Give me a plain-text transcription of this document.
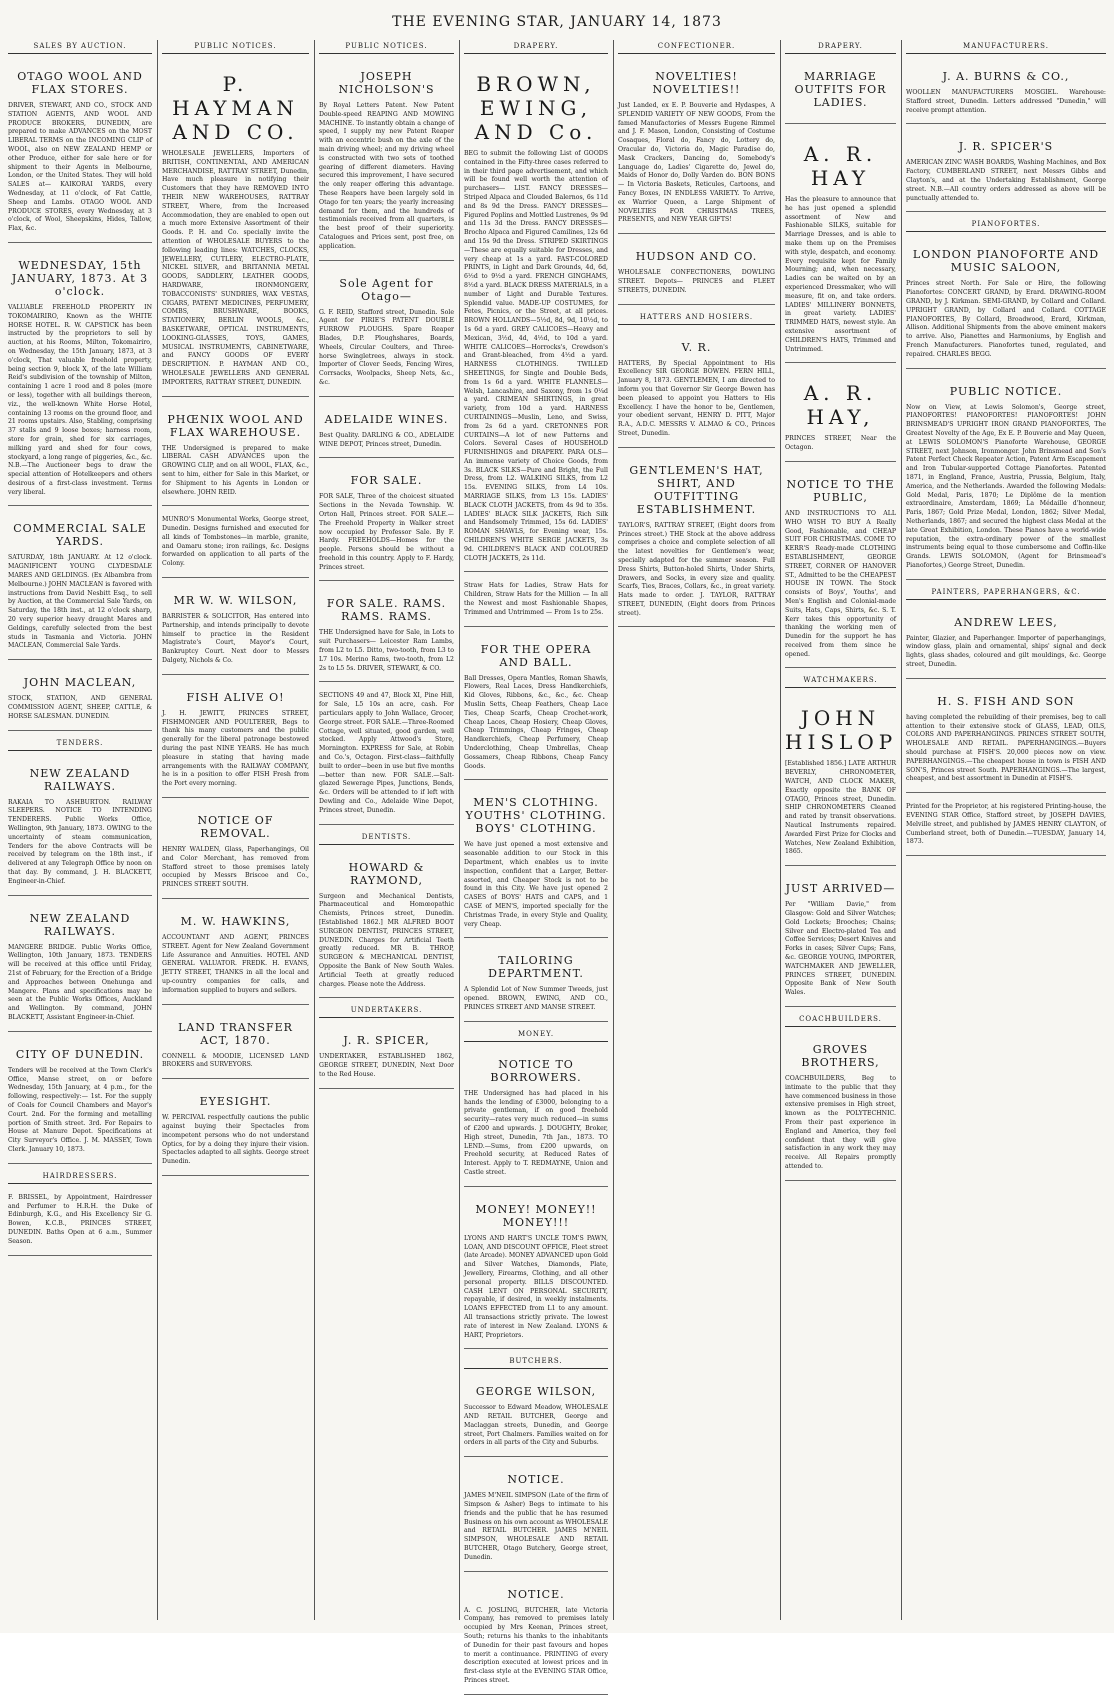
THE EVENING STAR, JANUARY 14, 1873
SALES BY AUCTION.
OTAGO WOOL AND FLAX STORES.
DRIVER, STEWART, AND CO., STOCK AND STATION AGENTS, AND WOOL AND PRODUCE BROKERS, DUNEDIN, are prepared to make ADVANCES on the MOST LIBERAL TERMS on the INCOMING CLIP of WOOL, also on NEW ZEALAND HEMP or other Produce, either for sale here or for shipment to their Agents in Melbourne, London, or the United States. They will hold SALES at— KAIKORAI YARDS, every Wednesday, at 11 o'clock, of Fat Cattle, Sheep and Lambs. OTAGO WOOL AND PRODUCE STORES, every Wednesday, at 3 o'clock, of Wool, Sheepskins, Hides, Tallow, Flax, &c.
WEDNESDAY, 15th JANUARY, 1873. At 3 o'clock.
VALUABLE FREEHOLD PROPERTY IN TOKOMAIRIRO, Known as the WHITE HORSE HOTEL. R. W. CAPSTICK has been instructed by the proprietors to sell by auction, at his Rooms, Milton, Tokomairiro, on Wednesday, the 15th January, 1873, at 3 o'clock, That valuable freehold property, being section 9, block X, of the late William Reid's subdivision of the township of Milton, containing 1 acre 1 rood and 8 poles (more or less), together with all buildings thereon, viz., the well-known White Horse Hotel, containing 13 rooms on the ground floor, and 21 rooms upstairs. Also, Stabling, comprising 37 stalls and 9 loose boxes; harness room, store for grain, shed for six carriages, milking yard and shed for four cows, stockyard, a long range of piggeries, &c., &c. N.B.—The Auctioneer begs to draw the special attention of Hotelkeepers and others desirous of a first-class investment. Terms very liberal.
COMMERCIAL SALE YARDS.
SATURDAY, 18th JANUARY. At 12 o'clock. MAGNIFICENT YOUNG CLYDESDALE MARES AND GELDINGS. (Ex Albambra from Melbourne.) JOHN MACLEAN is favored with instructions from David Nesbitt Esq., to sell by Auction, at the Commercial Sale Yards, on Saturday, the 18th inst., at 12 o'clock sharp, 20 very superior heavy draught Mares and Geldings, carefully selected from the best studs in Tasmania and Victoria. JOHN MACLEAN, Commercial Sale Yards.
JOHN MACLEAN,
STOCK, STATION, AND GENERAL COMMISSION AGENT, SHEEP, CATTLE, & HORSE SALESMAN. DUNEDIN.
TENDERS.
NEW ZEALAND RAILWAYS.
RAKAIA TO ASHBURTON. RAILWAY SLEEPERS. NOTICE TO INTENDING TENDERERS. Public Works Office, Wellington, 9th January, 1873. OWING to the uncertainty of steam communication, Tenders for the above Contracts will be received by telegram on the 18th inst., if delivered at any Telegraph Office by noon on that day. By command, J. H. BLACKETT, Engineer-in-Chief.
NEW ZEALAND RAILWAYS.
MANGERE BRIDGE. Public Works Office, Wellington, 10th January, 1873. TENDERS will be received at this office until Friday, 21st of February, for the Erection of a Bridge and Approaches between Onehunga and Mangere. Plans and specifications may be seen at the Public Works Offices, Auckland and Wellington. By command, JOHN BLACKETT, Assistant Engineer-in-Chief.
CITY OF DUNEDIN.
Tenders will be received at the Town Clerk's Office, Manse street, on or before Wednesday, 15th January, at 4 p.m., for the following, respectively:— 1st. For the supply of Coals for Council Chambers and Mayor's Court. 2nd. For the forming and metalling portion of Smith street. 3rd. For Repairs to House at Manure Depot. Specifications at City Surveyor's Office. J. M. MASSEY, Town Clerk. January 10, 1873.
HAIRDRESSERS.
F. BRISSEL, by Appointment, Hairdresser and Perfumer to H.R.H. the Duke of Edinburgh, K.G., and His Excellency Sir G. Bowen, K.C.B., PRINCES STREET, DUNEDIN. Baths Open at 6 a.m., Summer Season.
PUBLIC NOTICES.
P. HAYMAN AND CO.
WHOLESALE JEWELLERS, Importers of BRITISH, CONTINENTAL, AND AMERICAN MERCHANDISE, RATTRAY STREET, Dunedin, Have much pleasure in notifying their Customers that they have REMOVED INTO THEIR NEW WAREHOUSES, RATTRAY STREET, Where, from the Increased Accommodation, they are enabled to open out a much more Extensive Assortment of their Goods. P. H. and Co. specially invite the attention of WHOLESALE BUYERS to the following leading lines: WATCHES, CLOCKS, JEWELLERY, CUTLERY, ELECTRO-PLATE, NICKEL SILVER, and BRITANNIA METAL GOODS, SADDLERY, LEATHER GOODS, HARDWARE, IRONMONGERY, TOBACCONISTS' SUNDRIES, WAX VESTAS, CIGARS, PATENT MEDICINES, PERFUMERY, COMBS, BRUSHWARE, BOOKS, STATIONERY, BERLIN WOOLS, &c., BASKETWARE, OPTICAL INSTRUMENTS, LOOKING-GLASSES, TOYS, GAMES, MUSICAL INSTRUMENTS, CABINETWARE, and FANCY GOODS OF EVERY DESCRIPTION. P. HAYMAN AND CO., WHOLESALE JEWELLERS AND GENERAL IMPORTERS, RATTRAY STREET, DUNEDIN.
PHŒNIX WOOL AND FLAX WAREHOUSE.
THE Undersigned is prepared to make LIBERAL CASH ADVANCES upon the GROWING CLIP, and on all WOOL, FLAX, &c., sent to him, either for Sale in this Market, or for Shipment to his Agents in London or elsewhere. JOHN REID.
MUNRO'S Monumental Works, George street, Dunedin. Designs furnished and executed for all kinds of Tombstones—in marble, granite, and Oamaru stone; iron railings, &c. Designs forwarded on application to all parts of the Colony.
MR W. W. WILSON,
BARRISTER & SOLICITOR, Has entered into Partnership, and intends principally to devote himself to practice in the Resident Magistrate's Court, Mayor's Court, Bankruptcy Court. Next door to Messrs Dalgety, Nichols & Co.
FISH ALIVE O!
J. H. JEWITT, PRINCES STREET, FISHMONGER AND POULTERER, Begs to thank his many customers and the public generally for the liberal patronage bestowed during the past NINE YEARS. He has much pleasure in stating that having made arrangements with the RAILWAY COMPANY, he is in a position to offer FISH Fresh from the Port every morning.
NOTICE OF REMOVAL.
HENRY WALDEN, Glass, Paperhangings, Oil and Color Merchant, has removed from Stafford street to those premises lately occupied by Messrs Briscoe and Co., PRINCES STREET SOUTH.
M. W. HAWKINS,
ACCOUNTANT AND AGENT, PRINCES STREET. Agent for New Zealand Government Life Assurance and Annuities. HOTEL AND GENERAL VALUATOR. FREDK. H. EVANS, JETTY STREET, THANKS in all the local and up-country companies for calls, and information supplied to buyers and sellers.
LAND TRANSFER ACT, 1870.
CONNELL & MOODIE, LICENSED LAND BROKERS and SURVEYORS.
EYESIGHT.
W. PERCIVAL respectfully cautions the public against buying their Spectacles from incompetent persons who do not understand Optics, for by a doing they injure their vision. Spectacles adapted to all sights. George street Dunedin.
PUBLIC NOTICES.
JOSEPH NICHOLSON'S
By Royal Letters Patent. New Patent Double-speed REAPING AND MOWING MACHINE. To instantly obtain a change of speed, I supply my new Patent Reaper with an eccentric bush on the axle of the main driving wheel; and my driving wheel is constructed with two sets of toothed gearing of different diameters. Having secured this improvement, I have secured the only reaper offering this advantage. These Reapers have been largely sold in Otago for ten years; the yearly increasing demand for them, and the hundreds of testimonials received from all quarters, is the best proof of their superiority. Catalogues and Prices sent, post free, on application.
Sole Agent for Otago—
G. F. REID, Stafford street, Dunedin. Sole Agent for PIRIE'S PATENT DOUBLE FURROW PLOUGHS. Spare Reaper Blades, D.P. Ploughshares, Boards, Wheels, Circular Coulters, and Three-horse Swingletrees, always in stock. Importer of Clover Seeds, Fencing Wires, Corrsacks, Woolpacks, Sheep Nets, &c., &c.
ADELAIDE WINES.
Best Quality. DARLING & CO., ADELAIDE WINE DEPOT, Princes street, Dunedin.
FOR SALE.
FOR SALE, Three of the choicest situated Sections in the Nevada Township. W. Orton Hall, Princes street. FOR SALE.—The Freehold Property in Walker street now occupied by Professor Sale. By F. Hardy. FREEHOLDS—Homes for the people. Persons should be without a freehold in this country. Apply to F. Hardy, Princes street.
FOR SALE. RAMS. RAMS. RAMS.
THE Undersigned have for Sale, in Lots to suit Purchasers— Leicester Ram Lambs, from L2 to L5. Ditto, two-tooth, from L3 to L7 10s. Merino Rams, two-tooth, from L2 2s to L5 5s. DRIVER, STEWART, & CO.
SECTIONS 49 and 47, Block XI, Pine Hill, for Sale, L5 10s an acre, cash. For particulars apply to John Wallace, Grocer, George street. FOR SALE.—Three-Roomed Cottage, well situated, good garden, well stocked. Apply Attwood's Store, Mornington. EXPRESS for Sale, at Robin and Co.'s, Octagon. First-class—faithfully built to order—been in use but five months—better than new. FOR SALE.—Salt-glazed Sewerage Pipes, Junctions, Bends, &c. Orders will be attended to if left with Dewling and Co., Adelaide Wine Depot, Princes street, Dunedin.
DENTISTS.
HOWARD & RAYMOND,
Surgeon and Mechanical Dentists, Pharmaceutical and Homœopathic Chemists, Princes street, Dunedin. [Established 1862.] MR ALFRED BOOT SURGEON DENTIST, PRINCES STREET, DUNEDIN. Charges for Artificial Teeth greatly reduced. MR B. THROP, SURGEON & MECHANICAL DENTIST, Opposite the Bank of New South Wales. Artificial Teeth at greatly reduced charges. Please note the Address.
UNDERTAKERS.
J. R. SPICER,
UNDERTAKER, ESTABLISHED 1862, GEORGE STREET, DUNEDIN, Next Door to the Red House.
DRAPERY.
BROWN, EWING, AND Co.
BEG to submit the following List of GOODS contained in the Fifty-three cases referred to in their third page advertisement, and which will be found well worth the attention of purchasers— LIST. FANCY DRESSES—Striped Alpaca and Clouded Balernos, 6s 11d and 8s 9d the Dress. FANCY DRESSES—Figured Poplins and Mottled Lustrenes, 9s 9d and 11s 3d the Dress. FANCY DRESSES—Brocho Alpaca and Figured Camilines, 12s 6d and 15s 9d the Dress. STRIPED SKIRTINGS—These are equally suitable for Dresses, and very cheap at 1s a yard. FAST-COLORED PRINTS, in Light and Dark Grounds, 4d, 6d, 6½d to 9½d a yard. FRENCH GINGHAMS, 8½d a yard. BLACK DRESS MATERIALS, in a number of Light and Durable Textures. Splendid value. MADE-UP COSTUMES, for Fetes, Picnics, or the Street, at all prices. BROWN HOLLANDS—5½d, 8d, 9d, 10½d, to 1s 6d a yard. GREY CALICOES—Heavy and Mexican, 3½d, 4d, 4½d, to 10d a yard. WHITE CALICOES—Horrocks's, Crewdson's and Grant-bleached, from 4½d a yard. HARNESS CLOTHINGS. TWILLED SHEETINGS, for Single and Double Beds, from 1s 6d a yard. WHITE FLANNELS—Welsh, Lancashire, and Saxony, from 1s 0¼d a yard. CRIMEAN SHIRTINGS, in great variety, from 10d a yard. HARNESS CURTAININGS—Muslin, Leno, and Swiss, from 2s 6d a yard. CRETONNES FOR CURTAINS—A lot of new Patterns and Colors. Several Cases of HOUSEHOLD FURNISHINGS and DRAPERY. PARA OLS—An immense variety of Choice Goods, from 3s. BLACK SILKS—Pure and Bright, the Full Dress, from L2. WALKING SILKS, from L2 15s. EVENING SILKS, from L4 10s. MARRIAGE SILKS, from L3 15s. LADIES' BLACK CLOTH JACKETS, from 4s 9d to 35s. LADIES' BLACK SILK JACKETS, Rich Silk and Handsomely Trimmed, 15s 6d. LADIES' ROMAN SHAWLS, for Evening wear, 15s. CHILDREN'S WHITE SERGE JACKETS, 3s 9d. CHILDREN'S BLACK AND COLOURED CLOTH JACKETS, 2s 11d.
Straw Hats for Ladies, Straw Hats for Children, Straw Hats for the Million — In all the Newest and most Fashionable Shapes, Trimmed and Untrimmed — From 1s to 25s.
FOR THE OPERA AND BALL.
Ball Dresses, Opera Mantles, Roman Shawls, Flowers, Real Laces, Dress Handkerchiefs, Kid Gloves, Ribbons, &c., &c., &c. Cheap Muslin Setts, Cheap Feathers, Cheap Lace Ties, Cheap Scarfs, Cheap Crochet-work, Cheap Laces, Cheap Hosiery, Cheap Gloves, Cheap Trimmings, Cheap Fringes, Cheap Handkerchiefs, Cheap Perfumery, Cheap Underclothing, Cheap Umbrellas, Cheap Gossamers, Cheap Ribbons, Cheap Fancy Goods.
MEN'S CLOTHING. YOUTHS' CLOTHING. BOYS' CLOTHING.
We have just opened a most extensive and seasonable addition to our Stock in this Department, which enables us to invite inspection, confident that a Larger, Better-assorted, and Cheaper Stock is not to be found in this City. We have just opened 2 CASES of BOYS' HATS and CAPS, and 1 CASE of MEN'S, imported specially for the Christmas Trade, in every Style and Quality, very Cheap.
TAILORING DEPARTMENT.
A Splendid Lot of New Summer Tweeds, just opened. BROWN, EWING, AND CO., PRINCES STREET AND MANSE STREET.
MONEY.
NOTICE TO BORROWERS.
THE Undersigned has had placed in his hands the lending of £3000, belonging to a private gentleman, if on good freehold security—rates very much reduced—in sums of £200 and upwards. J. DOUGHTY, Broker, High street, Dunedin, 7th Jan., 1873. TO LEND.—Sums, from £200 upwards, on Freehold security, at Reduced Rates of Interest. Apply to T. REDMAYNE, Union and Castle street.
MONEY! MONEY!! MONEY!!!
LYONS AND HART'S UNCLE TOM'S PAWN, LOAN, AND DISCOUNT OFFICE, Fleet street (late Arcade). MONEY ADVANCED upon Gold and Silver Watches, Diamonds, Plate, Jewellery, Firearms, Clothing, and all other personal property. BILLS DISCOUNTED. CASH LENT ON PERSONAL SECURITY, repayable, if desired, in weekly instalments. LOANS EFFECTED from L1 to any amount. All transactions strictly private. The lowest rate of interest in New Zealand. LYONS & HART, Proprietors.
BUTCHERS.
GEORGE WILSON,
Successor to Edward Meadow, WHOLESALE AND RETAIL BUTCHER, George and Maclaggan streets, Dunedin, and George street, Port Chalmers. Families waited on for orders in all parts of the City and Suburbs.
NOTICE.
JAMES M'NEIL SIMPSON (Late of the firm of Simpson & Asher) Begs to intimate to his friends and the public that he has resumed Business on his own account as WHOLESALE and RETAIL BUTCHER. JAMES M'NEIL SIMPSON, WHOLESALE AND RETAIL BUTCHER, Otago Butchery, George street, Dunedin.
NOTICE.
A. C. JOSLING, BUTCHER, late Victoria Company, has removed to premises lately occupied by Mrs Keenan, Princes street, South; returns his thanks to the inhabitants of Dunedin for their past favours and hopes to merit a continuance. PRINTING of every description executed at lowest prices and in first-class style at the EVENING STAR Office, Princes street.
CONFECTIONER.
NOVELTIES! NOVELTIES!!
Just Landed, ex E. P. Bouverie and Hydaspes, A SPLENDID VARIETY OF NEW GOODS, From the famed Manufactories of Messrs Eugene Rimmel and J. F. Mason, London, Consisting of Costume Cosaques, Floral do, Fancy do, Lottery do, Oracular do, Victoria do, Magic Paradise do, Mask Crackers, Dancing do, Somebody's Language do, Ladies' Cigarette do, Jewel do, Maids of Honor do, Dolly Varden do. BON BONS— In Victoria Baskets, Reticules, Cartoons, and Fancy Boxes, IN ENDLESS VARIETY. To Arrive, ex Warrior Queen, a Large Shipment of NOVELTIES FOR CHRISTMAS TREES, PRESENTS, and NEW YEAR GIFTS!
HUDSON AND CO.
WHOLESALE CONFECTIONERS, DOWLING STREET. Depots— PRINCES and FLEET STREETS, DUNEDIN.
HATTERS AND HOSIERS.
V. R.
HATTERS, By Special Appointment to His Excellency SIR GEORGE BOWEN. FERN HILL, January 8, 1873. GENTLEMEN, I am directed to inform you that Governor Sir George Bowen has been pleased to appoint you Hatters to His Excellency. I have the honor to be, Gentlemen, your obedient servant, HENRY D. PITT, Major R.A., A.D.C. MESSRS V. ALMAO & CO., Princes Street, Dunedin.
GENTLEMEN'S HAT, SHIRT, AND OUTFITTING ESTABLISHMENT.
TAYLOR'S, RATTRAY STREET, (Eight doors from Princes street.) THE Stock at the above address comprises a choice and complete selection of all the latest novelties for Gentlemen's wear, specially adapted for the summer season. Full Dress Shirts, Button-holed Shirts, Under Shirts, Drawers, and Socks, in every size and quality. Scarfs, Ties, Braces, Collars, &c., in great variety. Hats made to order. J. TAYLOR, RATTRAY STREET, DUNEDIN, (Eight doors from Princes street).
DRAPERY.
MARRIAGE OUTFITS FOR LADIES.
A. R. HAY
Has the pleasure to announce that he has just opened a splendid assortment of New and Fashionable SILKS, suitable for Marriage Dresses, and is able to make them up on the Premises with style, despatch, and economy. Every requisite kept for Family Mourning; and, when necessary, Ladies can be waited on by an experienced Dressmaker, who will measure, fit on, and take orders. LADIES' MILLINERY BONNETS, in great variety. LADIES' TRIMMED HATS, newest style. An extensive assortment of CHILDREN'S HATS, Trimmed and Untrimmed.
A. R. HAY,
PRINCES STREET, Near the Octagon.
NOTICE TO THE PUBLIC,
AND INSTRUCTIONS TO ALL WHO WISH TO BUY A Really Good, Fashionable, and CHEAP SUIT FOR CHRISTMAS. COME TO KERR'S Ready-made CLOTHING ESTABLISHMENT, GEORGE STREET, CORNER OF HANOVER ST., Admitted to be the CHEAPEST HOUSE IN TOWN. The Stock consists of Boys', Youths', and Men's English and Colonial-made Suits, Hats, Caps, Shirts, &c. S. T. Kerr takes this opportunity of thanking the working men of Dunedin for the support he has received from them since he opened.
WATCHMAKERS.
JOHN HISLOP
[Established 1856.] LATE ARTHUR BEVERLY, CHRONOMETER, WATCH, AND CLOCK MAKER, Exactly opposite the BANK OF OTAGO, Princes street, Dunedin. SHIP CHRONOMETERS Cleaned and rated by transit observations. Nautical Instruments repaired. Awarded First Prize for Clocks and Watches, New Zealand Exhibition, 1865.
JUST ARRIVED—
Per "William Davie," from Glasgow: Gold and Silver Watches; Gold Lockets; Brooches; Chains; Silver and Electro-plated Tea and Coffee Services; Desert Knives and Forks in cases; Silver Cups; Fans, &c. GEORGE YOUNG, IMPORTER, WATCHMAKER AND JEWELLER, PRINCES STREET, DUNEDIN. Opposite Bank of New South Wales.
COACHBUILDERS.
GROVES BROTHERS,
COACHBUILDERS, Beg to intimate to the public that they have commenced business in those extensive premises in High street, known as the POLYTECHNIC. From their past experience in England and America, they feel confident that they will give satisfaction in any work they may receive. All Repairs promptly attended to.
MANUFACTURERS.
J. A. BURNS & CO.,
WOOLLEN MANUFACTURERS MOSGIEL. Warehouse: Stafford street, Dunedin. Letters addressed "Dunedin," will receive prompt attention.
J. R. SPICER'S
AMERICAN ZINC WASH BOARDS, Washing Machines, and Box Factory, CUMBERLAND STREET, next Messrs Gibbs and Clayton's, and at the Undertaking Establishment, George street. N.B.—All country orders addressed as above will be punctually attended to.
PIANOFORTES.
LONDON PIANOFORTE AND MUSIC SALOON,
Princes street North. For Sale or Hire, the following Pianofortes: CONCERT GRAND, by Erard. DRAWING-ROOM GRAND, by J. Kirkman. SEMI-GRAND, by Collard and Collard. UPRIGHT GRAND, by Collard and Collard. COTTAGE PIANOFORTES, By Collard, Broadwood, Erard, Kirkman, Allison. Additional Shipments from the above eminent makers to arrive. Also, Pianettes and Harmoniums, by English and French Manufacturers. Pianofortes tuned, regulated, and repaired. CHARLES BEGG.
PUBLIC NOTICE.
Now on View, at Lewis Solomon's, George street, PIANOFORTES! PIANOFORTES! PIANOFORTES! JOHN BRINSMEAD'S UPRIGHT IRON GRAND PIANOFORTES, The Greatest Novelty of the Age, Ex E. P. Bouverie and May Queen, at LEWIS SOLOMON'S Pianoforte Warehouse, GEORGE STREET, next Johnson, Ironmonger. John Brinsmead and Son's Patent Perfect Check Repeater Action, Patent Arm Escapement and Iron Tubular-supported Cottage Pianofortes. Patented 1871, in England, France, Austria, Prussia, Belgium, Italy, America, and the Netherlands. Awarded the following Medals: Gold Medal, Paris, 1870; Le Diplôme de la mention extraordinaire, Amsterdam, 1869; La Médaille d'honneur, Paris, 1867; Gold Prize Medal, London, 1862; Silver Medal, Netherlands, 1867; and secured the highest class Medal at the late Great Exhibition, London. These Pianos have a world-wide reputation, the extra-ordinary power of the smallest instruments being equal to those cumbersome and Coffin-like Grands. LEWIS SOLOMON, (Agent for Brinsmead's Pianofortes,) George Street, Dunedin.
PAINTERS, PAPERHANGERS, &C.
ANDREW LEES,
Painter, Glazier, and Paperhanger. Importer of paperhangings, window glass, plain and ornamental, ships' signal and deck lights, glass shades, coloured and gilt mouldings, &c. George street, Dunedin.
H. S. FISH AND SON
having completed the rebuilding of their premises, beg to call attention to their extensive stock of GLASS, LEAD, OILS, COLORS AND PAPERHANGINGS. PRINCES STREET SOUTH, WHOLESALE AND RETAIL. PAPERHANGINGS.—Buyers should purchase at FISH'S. 20,000 pieces now on view. PAPERHANGINGS.—The cheapest house in town is FISH AND SON'S, Princes street South. PAPERHANGINGS.—The largest, cheapest, and best assortment in Dunedin at FISH'S.
Printed for the Proprietor, at his registered Printing-house, the EVENING STAR Office, Stafford street, by JOSEPH DAVIES, Melville street, and published by JAMES HENRY CLAYTON, of Cumberland street, both of Dunedin.—TUESDAY, January 14, 1873.
